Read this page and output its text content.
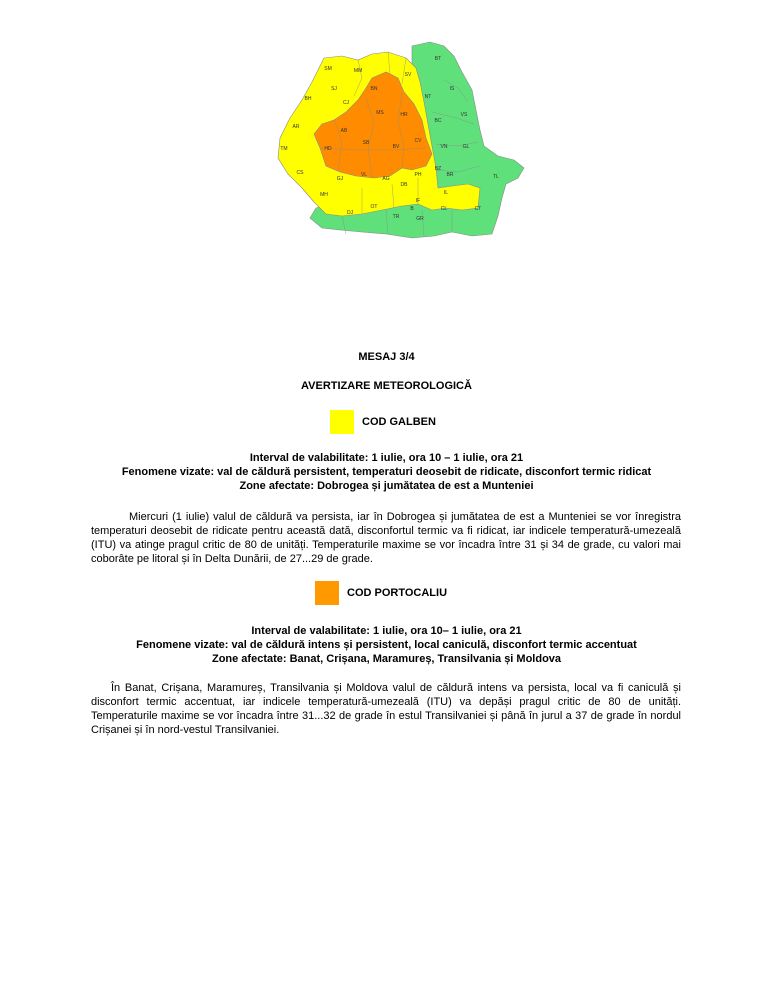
SM	MM
SV
BT
IS
NT
BN
SJ
BH
CJ
MS	HR
BC
VS
AR
AB
CV
TM	HD
SB
BV	VN	GL
CS
GJ
VL
AG
DB
PH
BZ
BR	TL
MH
DJ
OT
TR
IF
B
IL
CL
GR
CT
MESAJ 3/4
AVERTIZARE METEOROLOGICĂ
COD GALBEN
Interval de valabilitate: 1 iulie, ora 10 – 1 iulie, ora 21
Fenomene vizate: val de căldură persistent, temperaturi deosebit de ridicate, disconfort termic ridicat
Zone afectate: Dobrogea și jumătatea de est a Munteniei
Miercuri (1 iulie) valul de căldură va persista, iar în Dobrogea și jumătatea de est a Munteniei se vor înregistra temperaturi deosebit de ridicate pentru această dată, disconfortul termic va fi ridicat, iar indicele temperatură-umezeală (ITU) va atinge pragul critic de 80 de unități. Temperaturile maxime se vor încadra între 31 și 34 de grade, cu valori mai coborâte pe litoral și în Delta Dunării, de 27...29 de grade.
COD PORTOCALIU
Interval de valabilitate: 1 iulie, ora 10– 1 iulie, ora 21
Fenomene vizate: val de căldură intens și persistent, local caniculă, disconfort termic accentuat
Zone afectate: Banat, Crișana, Maramureș, Transilvania și Moldova
În Banat, Crișana, Maramureș, Transilvania și Moldova valul de căldură intens va persista, local va fi caniculă și disconfort termic accentuat, iar indicele temperatură-umezeală (ITU) va depăși pragul critic de 80 de unități. Temperaturile maxime se vor încadra între 31...32 de grade în estul Transilvaniei și până în jurul a 37 de grade în nordul Crișanei și în nord-vestul Transilvaniei.
